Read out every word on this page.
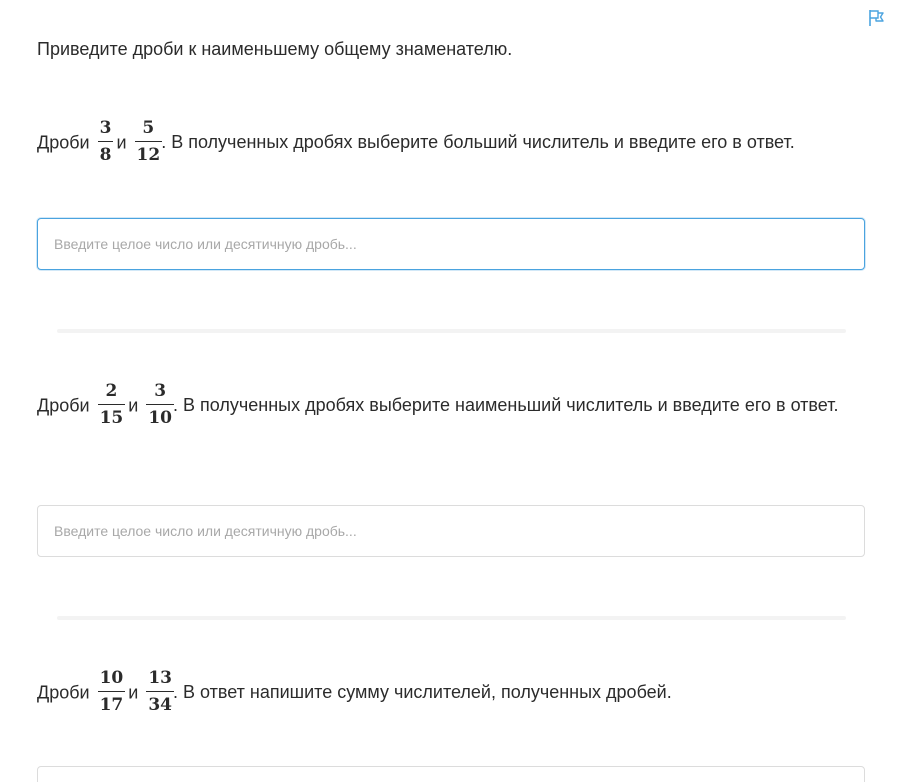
Приведите дроби к наименьшему общему знаменателю.
Дроби $\frac{3}{8}$ и $\frac{5}{12}$ . В полученных дробях выберите больший числитель и введите его в ответ.
Введите целое число или десятичную дробь...
Дроби $\frac{2}{15}$ и $\frac{3}{10}$ . В полученных дробях выберите наименьший числитель и введите его в ответ.
Введите целое число или десятичную дробь...
Дроби $\frac{10}{17}$ и $\frac{13}{34}$ . В ответ напишите сумму числителей, полученных дробей.
